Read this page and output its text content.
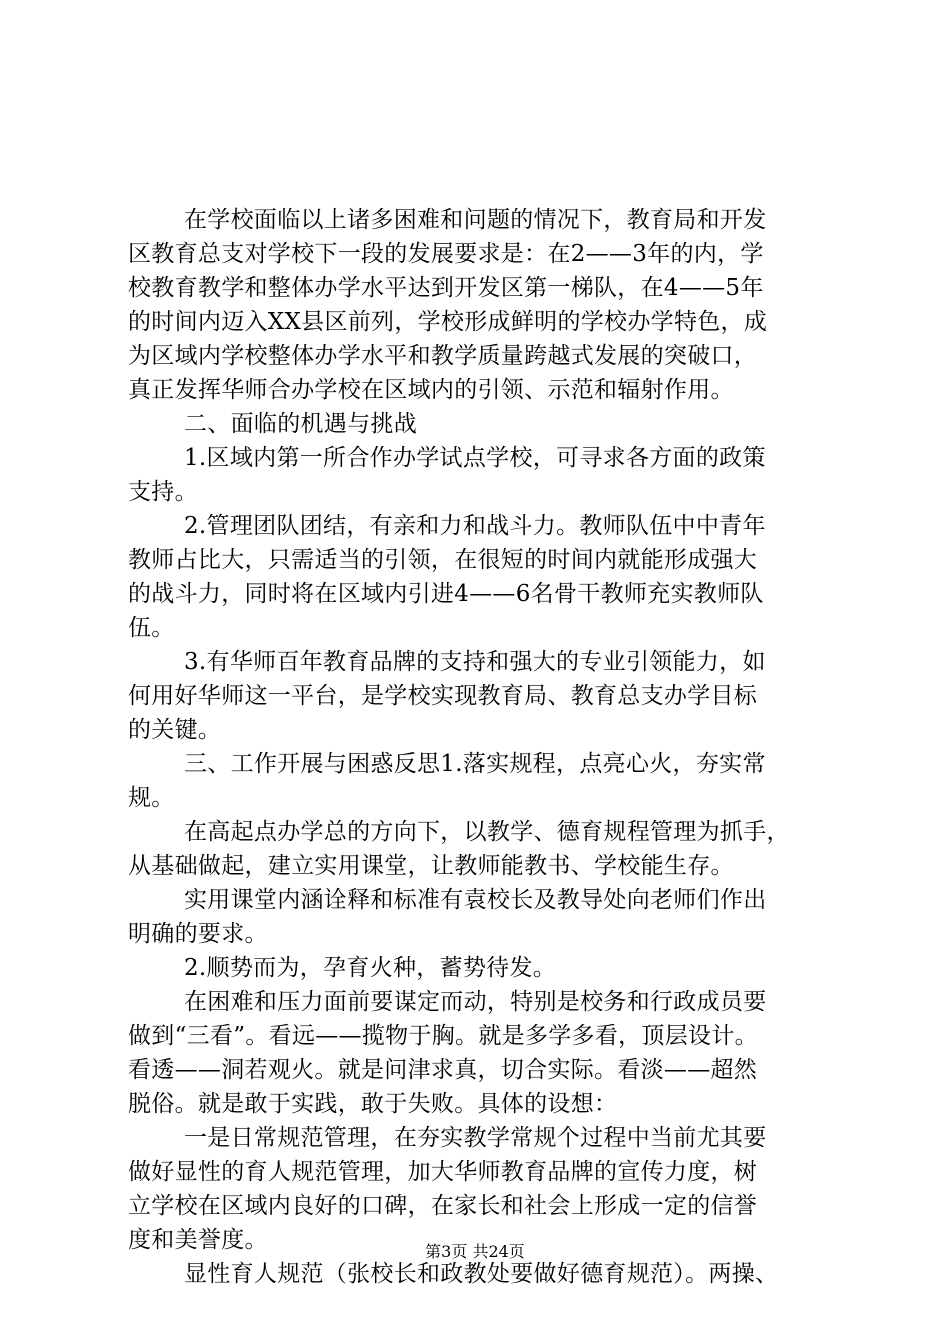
在学校面临以上诸多困难和问题的情况下，教育局和开发
区教育总支对学校下一段的发展要求是：在2——3年的内，学
校教育教学和整体办学水平达到开发区第一梯队，在4——5年
的时间内迈入XX县区前列，学校形成鲜明的学校办学特色，成
为区域内学校整体办学水平和教学质量跨越式发展的突破口，
真正发挥华师合办学校在区域内的引领、示范和辐射作用。
二、面临的机遇与挑战
1.区域内第一所合作办学试点学校，可寻求各方面的政策
支持。
2.管理团队团结，有亲和力和战斗力。教师队伍中中青年
教师占比大，只需适当的引领，在很短的时间内就能形成强大
的战斗力，同时将在区域内引进4——6名骨干教师充实教师队
伍。
3.有华师百年教育品牌的支持和强大的专业引领能力，如
何用好华师这一平台，是学校实现教育局、教育总支办学目标
的关键。
三、工作开展与困惑反思1.落实规程，点亮心火，夯实常
规。
在高起点办学总的方向下，以教学、德育规程管理为抓手，
从基础做起，建立实用课堂，让教师能教书、学校能生存。
实用课堂内涵诠释和标准有袁校长及教导处向老师们作出
明确的要求。
2.顺势而为，孕育火种，蓄势待发。
在困难和压力面前要谋定而动，特别是校务和行政成员要
做到“三看”。看远——揽物于胸。就是多学多看，顶层设计。
看透——洞若观火。就是问津求真，切合实际。看淡——超然
脱俗。就是敢于实践，敢于失败。具体的设想：
一是日常规范管理，在夯实教学常规个过程中当前尤其要
做好显性的育人规范管理，加大华师教育品牌的宣传力度，树
立学校在区域内良好的口碑，在家长和社会上形成一定的信誉
度和美誉度。
显性育人规范（张校长和政教处要做好德育规范）。两操、
第3页 共24页
